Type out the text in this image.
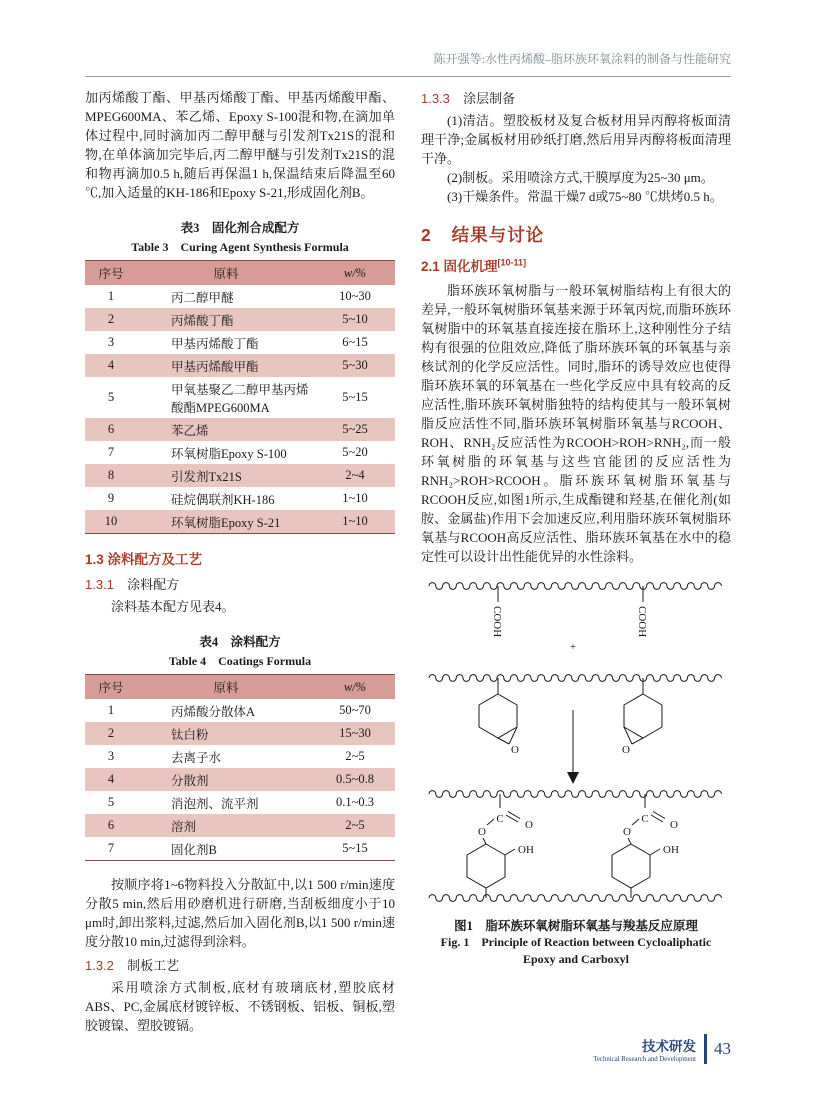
陈开强等:水性丙烯酸–脂环族环氧涂料的制备与性能研究

加丙烯酸丁酯、甲基丙烯酸丁酯、甲基丙烯酸甲酯、MPEG600MA、苯乙烯、Epoxy S-100混和物,在滴加单体过程中,同时滴加丙二醇甲醚与引发剂Tx21S的混和物,在单体滴加完毕后,丙二醇甲醚与引发剂Tx21S的混和物再滴加0.5 h,随后再保温1 h,保温结束后降温至60 ℃,加入适量的KH-186和Epoxy S-21,形成固化剂B。

表3　固化剂合成配方
Table 3　Curing Agent Synthesis Formula
序号	原料	w/%
1	丙二醇甲醚	10~30
2	丙烯酸丁酯	5~10
3	甲基丙烯酸丁酯	6~15
4	甲基丙烯酸甲酯	5~30
5	甲氧基聚乙二醇甲基丙烯酸酯MPEG600MA	5~15
6	苯乙烯	5~25
7	环氧树脂Epoxy S-100	5~20
8	引发剂Tx21S	2~4
9	硅烷偶联剂KH-186	1~10
10	环氧树脂Epoxy S-21	1~10
1.3 涂料配方及工艺
1.3.1 涂料配方

涂料基本配方见表4。

表4　涂料配方
Table 4　Coatings Formula
序号	原料	w/%
1	丙烯酸分散体A	50~70
2	钛白粉	15~30
3	去离子水	2~5
4	分散剂	0.5~0.8
5	消泡剂、流平剂	0.1~0.3
6	溶剂	2~5
7	固化剂B	5~15

按顺序将1~6物料投入分散缸中,以1 500 r/min速度分散5 min,然后用砂磨机进行研磨,当刮板细度小于10 μm时,卸出浆料,过滤,然后加入固化剂B,以1 500 r/min速度分散10 min,过滤得到涂料。

1.3.2 制板工艺

采用喷涂方式制板,底材有玻璃底材,塑胶底材ABS、PC,金属底材镀锌板、不锈钢板、铝板、铜板,塑胶镀镍、塑胶镀镉。

1.3.3 涂层制备

(1)清洁。塑胶板材及复合板材用异丙醇将板面清理干净;金属板材用砂纸打磨,然后用异丙醇将板面清理干净。

(2)制板。采用喷涂方式,干膜厚度为25~30 μm。

(3)干燥条件。常温干燥7 d或75~80 ℃烘烤0.5 h。

2 结果与讨论
2.1 固化机理[10-11]

脂环族环氧树脂与一般环氧树脂结构上有很大的差异,一般环氧树脂环氧基来源于环氧丙烷,而脂环族环氧树脂中的环氧基直接连接在脂环上,这种刚性分子结构有很强的位阻效应,降低了脂环族环氧的环氧基与亲核试剂的化学反应活性。同时,脂环的诱导效应也使得脂环族环氧的环氧基在一些化学反应中具有较高的反应活性,脂环族环氧树脂独特的结构使其与一般环氧树脂反应活性不同,脂环族环氧树脂环氧基与RCOOH、ROH、RNH₂反应活性为RCOOH>ROH>RNH₂,而一般环氧树脂的环氧基与这些官能团的反应活性为RNH₂>ROH>RCOOH。脂环族环氧树脂环氧基与RCOOH反应,如图1所示,生成酯键和羟基,在催化剂(如胺、金属盐)作用下会加速反应,利用脂环族环氧树脂环氧基与RCOOH高反应活性、脂环族环氧基在水中的稳定性可以设计出性能优异的水性涂料。

COOH	COOH
+
O	O
C O
O
OH
C O
O
OH
图1　脂环族环氧树脂环氧基与羧基反应原理
Fig. 1　Principle of Reaction between Cycloaliphatic
Epoxy and Carboxyl
技术研发
Technical Research and Development
43
